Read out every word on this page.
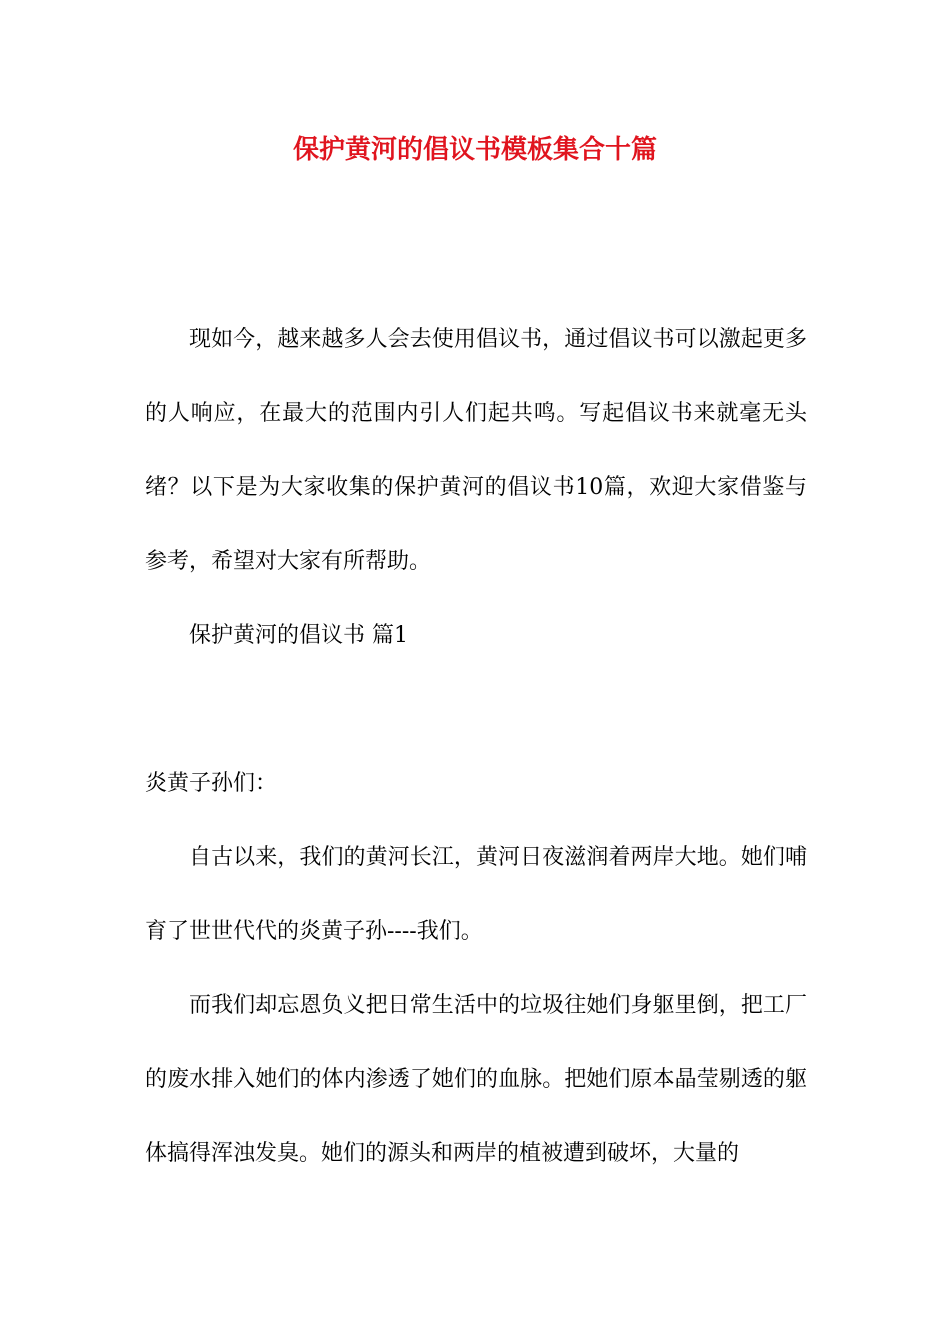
保护黄河的倡议书模板集合十篇

现如今，越来越多人会去使用倡议书，通过倡议书可以激起更多的人响应，在最大的范围内引人们起共鸣。写起倡议书来就毫无头绪？以下是为大家收集的保护黄河的倡议书10篇，欢迎大家借鉴与参考，希望对大家有所帮助。

保护黄河的倡议书 篇1

炎黄子孙们：

自古以来，我们的黄河长江，黄河日夜滋润着两岸大地。她们哺育了世世代代的炎黄子孙----我们。

而我们却忘恩负义把日常生活中的垃圾往她们身躯里倒，把工厂的废水排入她们的体内渗透了她们的血脉。把她们原本晶莹剔透的躯体搞得浑浊发臭。她们的源头和两岸的植被遭到破坏，大量的
